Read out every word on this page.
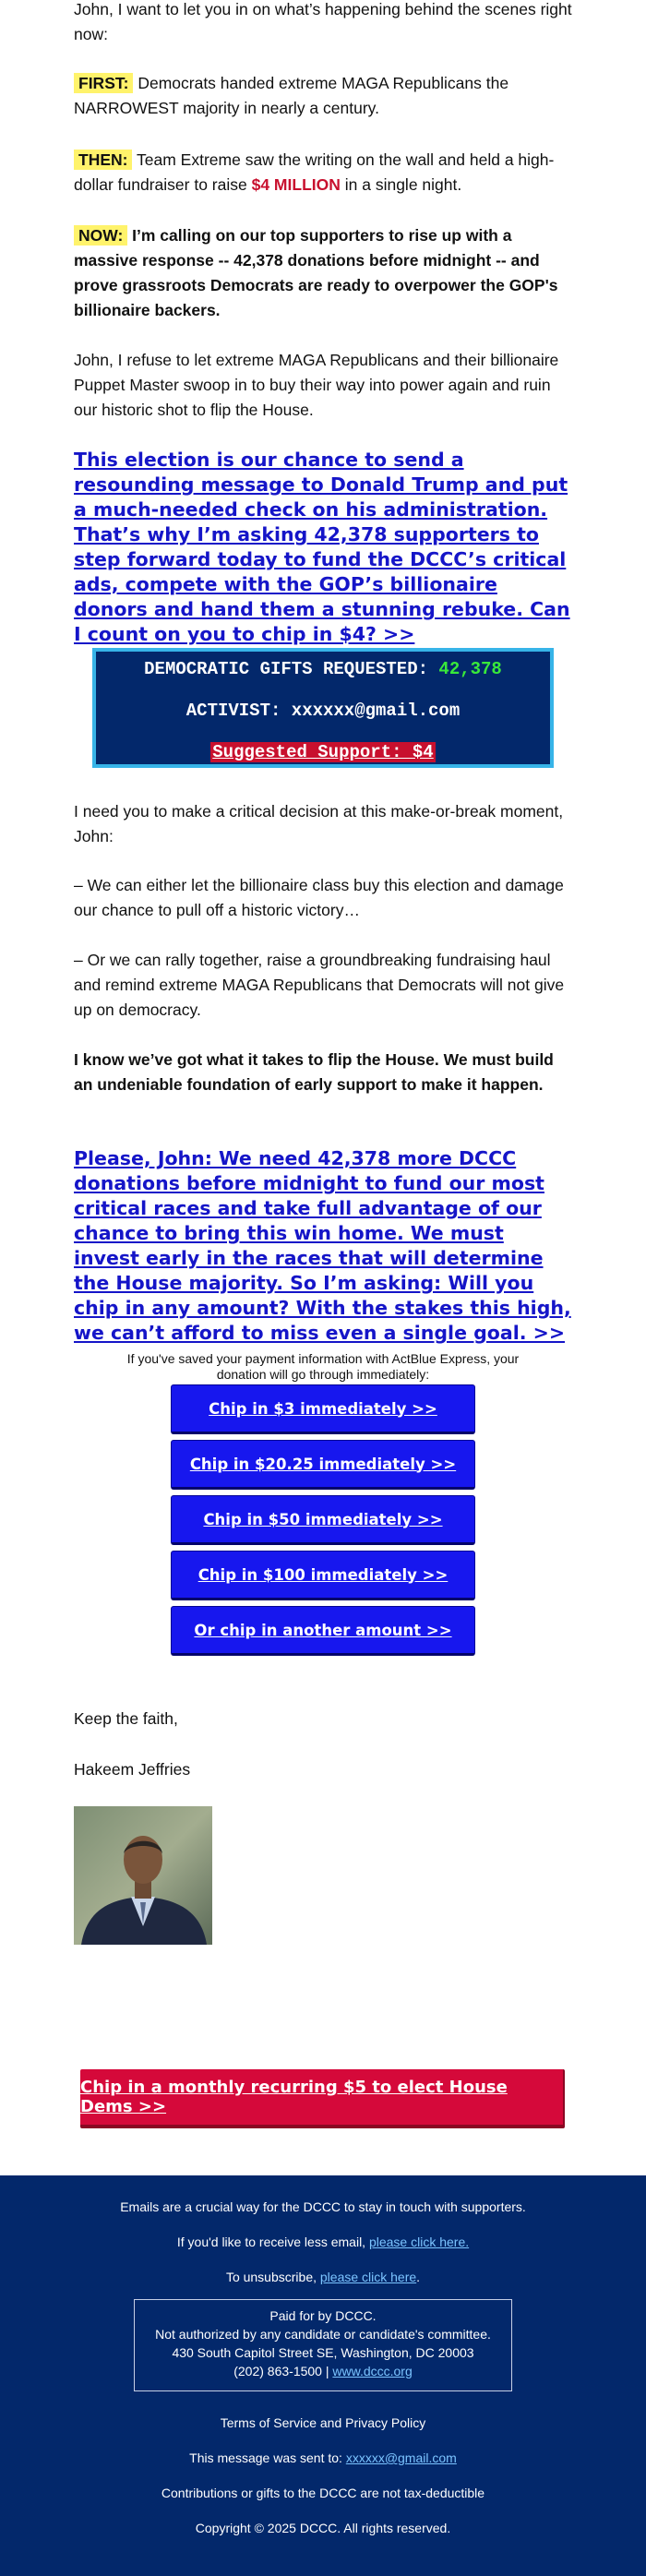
John, I want to let you in on what’s happening behind the scenes right now:

FIRST: Democrats handed extreme MAGA Republicans the NARROWEST majority in nearly a century.

THEN: Team Extreme saw the writing on the wall and held a high-dollar fundraiser to raise $4 MILLION in a single night.

NOW: I’m calling on our top supporters to rise up with a massive response -- 42,378 donations before midnight -- and prove grassroots Democrats are ready to overpower the GOP's billionaire backers.

John, I refuse to let extreme MAGA Republicans and their billionaire Puppet Master swoop in to buy their way into power again and ruin our historic shot to flip the House.

This election is our chance to send a resounding message to Donald Trump and put a much-needed check on his administration. That’s why I’m asking 42,378 supporters to step forward today to fund the DCCC’s critical ads, compete with the GOP’s billionaire donors and hand them a stunning rebuke. Can I count on you to chip in $4? >>
DEMOCRATIC GIFTS REQUESTED: 42,378
ACTIVIST: xxxxxx@gmail.com
Suggested Support: $4

I need you to make a critical decision at this make-or-break moment, John:

– We can either let the billionaire class buy this election and damage our chance to pull off a historic victory…

– Or we can rally together, raise a groundbreaking fundraising haul and remind extreme MAGA Republicans that Democrats will not give up on democracy.

I know we’ve got what it takes to flip the House. We must build an undeniable foundation of early support to make it happen.

Please, John: We need 42,378 more DCCC donations before midnight to fund our most critical races and take full advantage of our chance to bring this win home. We must invest early in the races that will determine the House majority. So I’m asking: Will you chip in any amount? With the stakes this high, we can’t afford to miss even a single goal. >>
If you've saved your payment information with ActBlue Express, your donation will go through immediately:
Chip in $3 immediately >>
Chip in $20.25 immediately >>
Chip in $50 immediately >>
Chip in $100 immediately >>
Or chip in another amount >>

Keep the faith,

Hakeem Jeffries

Chip in a monthly recurring $5 to elect House Dems >>
Emails are a crucial way for the DCCC to stay in touch with supporters.
If you'd like to receive less email, please click here.
To unsubscribe, please click here.
Paid for by DCCC.
Not authorized by any candidate or candidate's committee.
430 South Capitol Street SE, Washington, DC 20003
(202) 863-1500 | www.dccc.org
Terms of Service and Privacy Policy
This message was sent to: xxxxxx@gmail.com
Contributions or gifts to the DCCC are not tax-deductible
Copyright © 2025 DCCC. All rights reserved.
